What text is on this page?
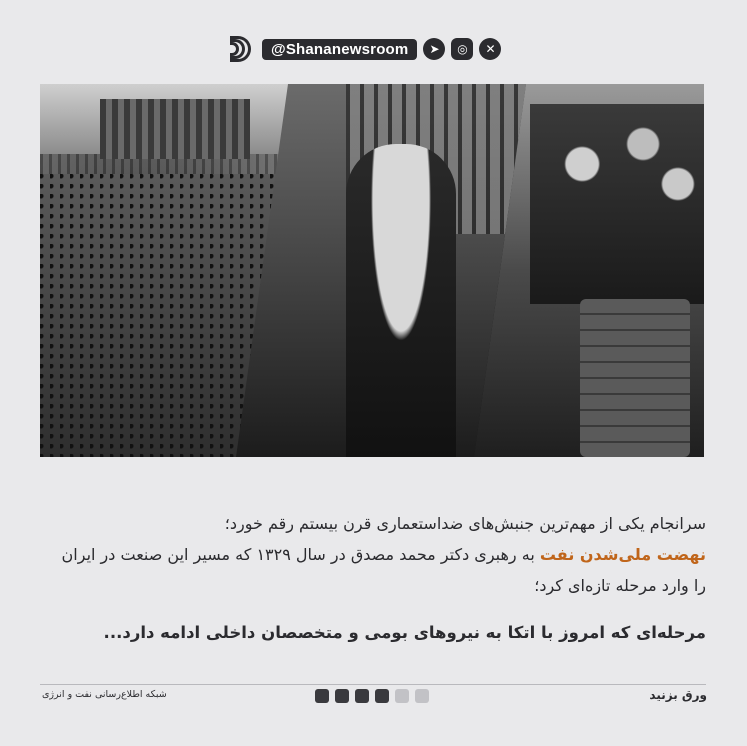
@Shananewsroom	➤	◎	✕
سرانجام یکی از مهم‌ترین جنبش‌های ضداستعماری قرن بیستم رقم خورد؛
نهضت ملی‌شدن نفت به رهبری دکتر محمد مصدق در سال ۱۳۲۹ که مسیر این صنعت در ایران را وارد مرحله تازه‌ای کرد؛
مرحله‌ای که امروز با اتکا به نیروهای بومی و متخصصان داخلی ادامه دارد...
ورق بزنید
شبکه اطلاع‌رسانی نفت و انرژی
